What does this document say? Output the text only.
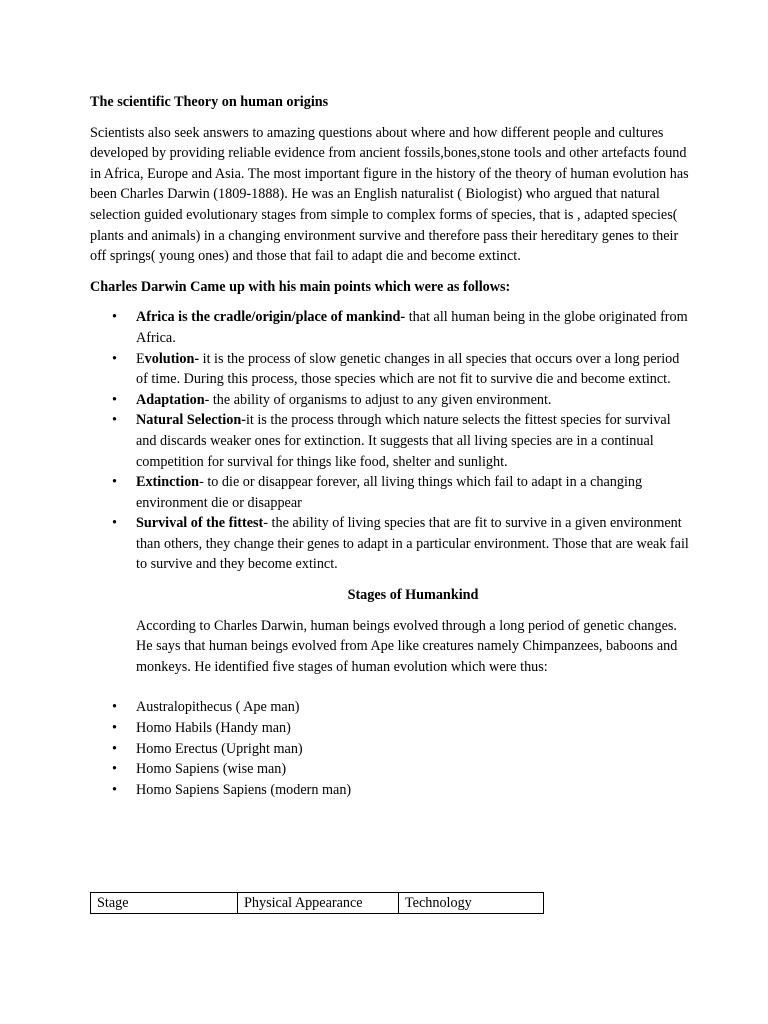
The scientific Theory on human origins

Scientists also seek answers to amazing questions about where and how different people and cultures developed by providing reliable evidence from ancient fossils,bones,stone tools and other artefacts found in Africa, Europe and Asia. The most important figure in the history of the theory of human evolution has been Charles Darwin (1809-1888). He was an English naturalist ( Biologist) who argued that natural selection guided evolutionary stages from simple to complex forms of species, that is , adapted species( plants and animals) in a changing environment survive and therefore pass their hereditary genes to their off springs( young ones) and those that fail to adapt die and become extinct.

Charles Darwin Came up with his main points which were as follows:

•	Africa is the cradle/origin/place of mankind- that all human being in the globe originated from Africa.
•	Evolution- it is the process of slow genetic changes in all species that occurs over a long period of time. During this process, those species which are not fit to survive die and become extinct.
•	Adaptation- the ability of organisms to adjust to any given environment.
•	Natural Selection-it is the process through which nature selects the fittest species for survival and discards weaker ones for extinction. It suggests that all living species are in a continual competition for survival for things like food, shelter and sunlight.
•	Extinction- to die or disappear forever, all living things which fail to adapt in a changing environment die or disappear
•	Survival of the fittest- the ability of living species that are fit to survive in a given environment than others, they change their genes to adapt in a particular environment. Those that are weak fail to survive and they become extinct.

Stages of Humankind

According to Charles Darwin, human beings evolved through a long period of genetic changes. He says that human beings evolved from Ape like creatures namely Chimpanzees, baboons and monkeys. He identified five stages of human evolution which were thus:

• Australopithecus ( Ape man)
• Homo Habils (Handy man)
• Homo Erectus (Upright man)
• Homo Sapiens (wise man)
• Homo Sapiens Sapiens (modern man)
Stage	Physical Appearance	Technology
